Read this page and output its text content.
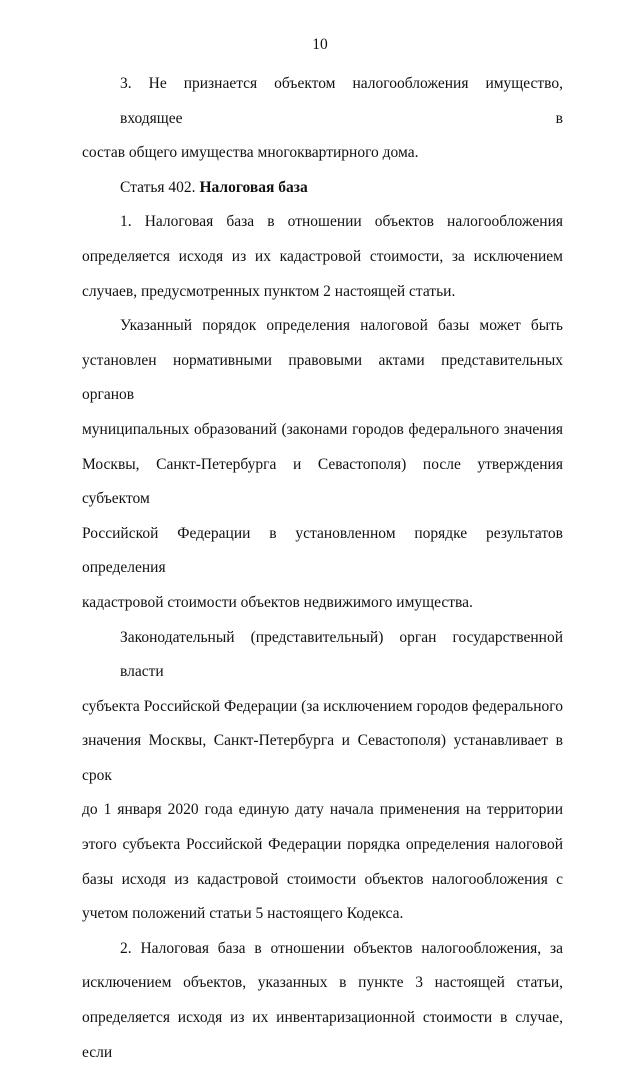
10
3. Не признается объектом налогообложения имущество, входящее в
состав общего имущества многоквартирного дома.
Статья 402. Налоговая база
1. Налоговая база в отношении объектов налогообложения
определяется исходя из их кадастровой стоимости, за исключением
случаев, предусмотренных пунктом 2 настоящей статьи.
Указанный порядок определения налоговой базы может быть
установлен нормативными правовыми актами представительных органов
муниципальных образований (законами городов федерального значения
Москвы, Санкт-Петербурга и Севастополя) после утверждения субъектом
Российской Федерации в установленном порядке результатов определения
кадастровой стоимости объектов недвижимого имущества.
Законодательный (представительный) орган государственной власти
субъекта Российской Федерации (за исключением городов федерального
значения Москвы, Санкт-Петербурга и Севастополя) устанавливает в срок
до 1 января 2020 года единую дату начала применения на территории
этого субъекта Российской Федерации порядка определения налоговой
базы исходя из кадастровой стоимости объектов налогообложения с
учетом положений статьи 5 настоящего Кодекса.
2. Налоговая база в отношении объектов налогообложения, за
исключением объектов, указанных в пункте 3 настоящей статьи,
определяется исходя из их инвентаризационной стоимости в случае, если
